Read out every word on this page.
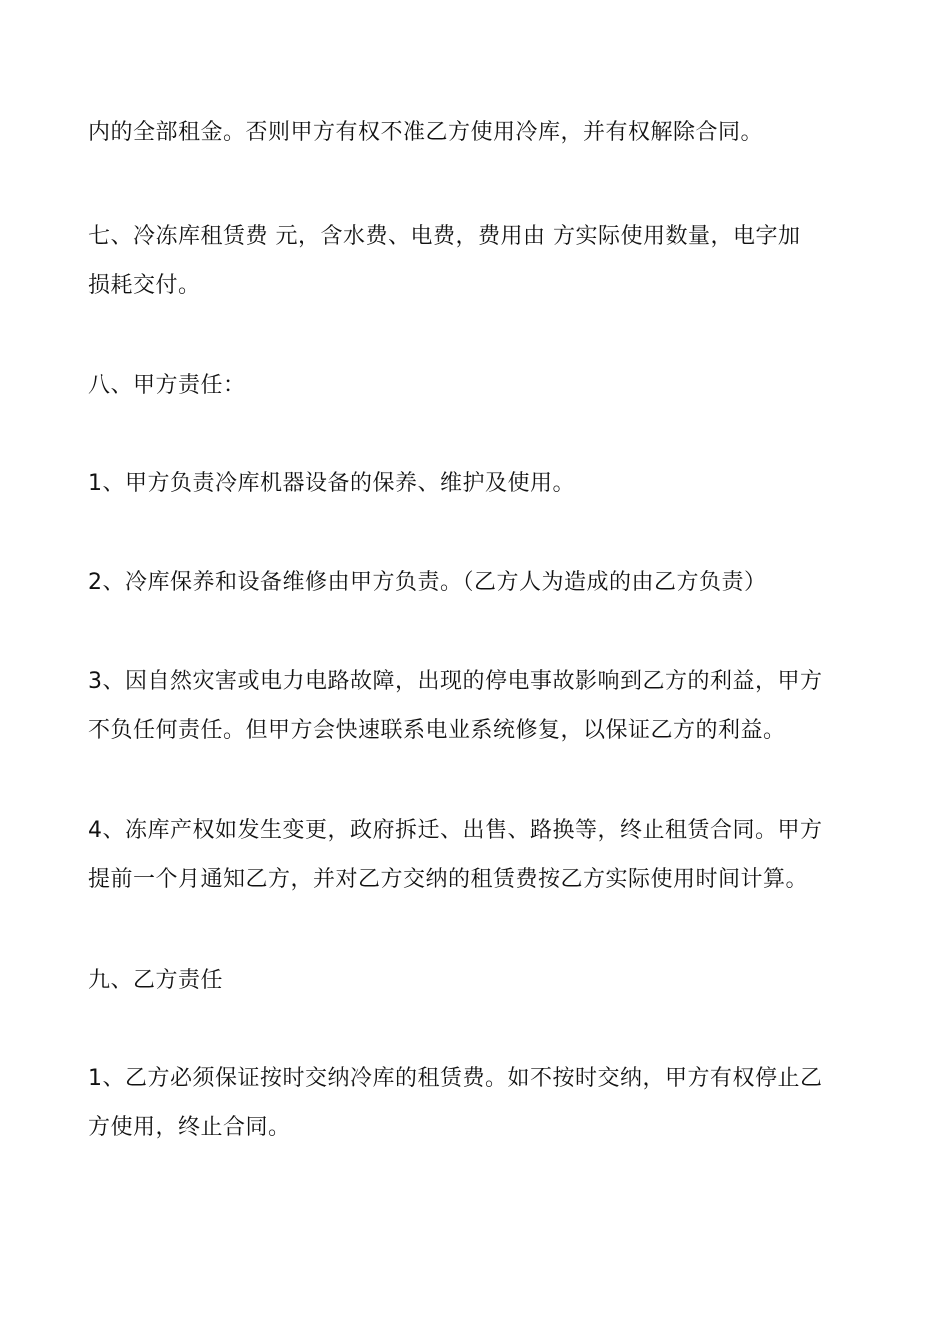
内的全部租金。否则甲方有权不准乙方使用冷库，并有权解除合同。
七、冷冻库租赁费 元，含水费、电费，费用由 方实际使用数量，电字加
损耗交付。
八、甲方责任：
1、甲方负责冷库机器设备的保养、维护及使用。
2、冷库保养和设备维修由甲方负责。（乙方人为造成的由乙方负责）
3、因自然灾害或电力电路故障，出现的停电事故影响到乙方的利益，甲方
不负任何责任。但甲方会快速联系电业系统修复，以保证乙方的利益。
4、冻库产权如发生变更，政府拆迁、出售、路换等，终止租赁合同。甲方
提前一个月通知乙方，并对乙方交纳的租赁费按乙方实际使用时间计算。
九、乙方责任
1、乙方必须保证按时交纳冷库的租赁费。如不按时交纳，甲方有权停止乙
方使用，终止合同。
